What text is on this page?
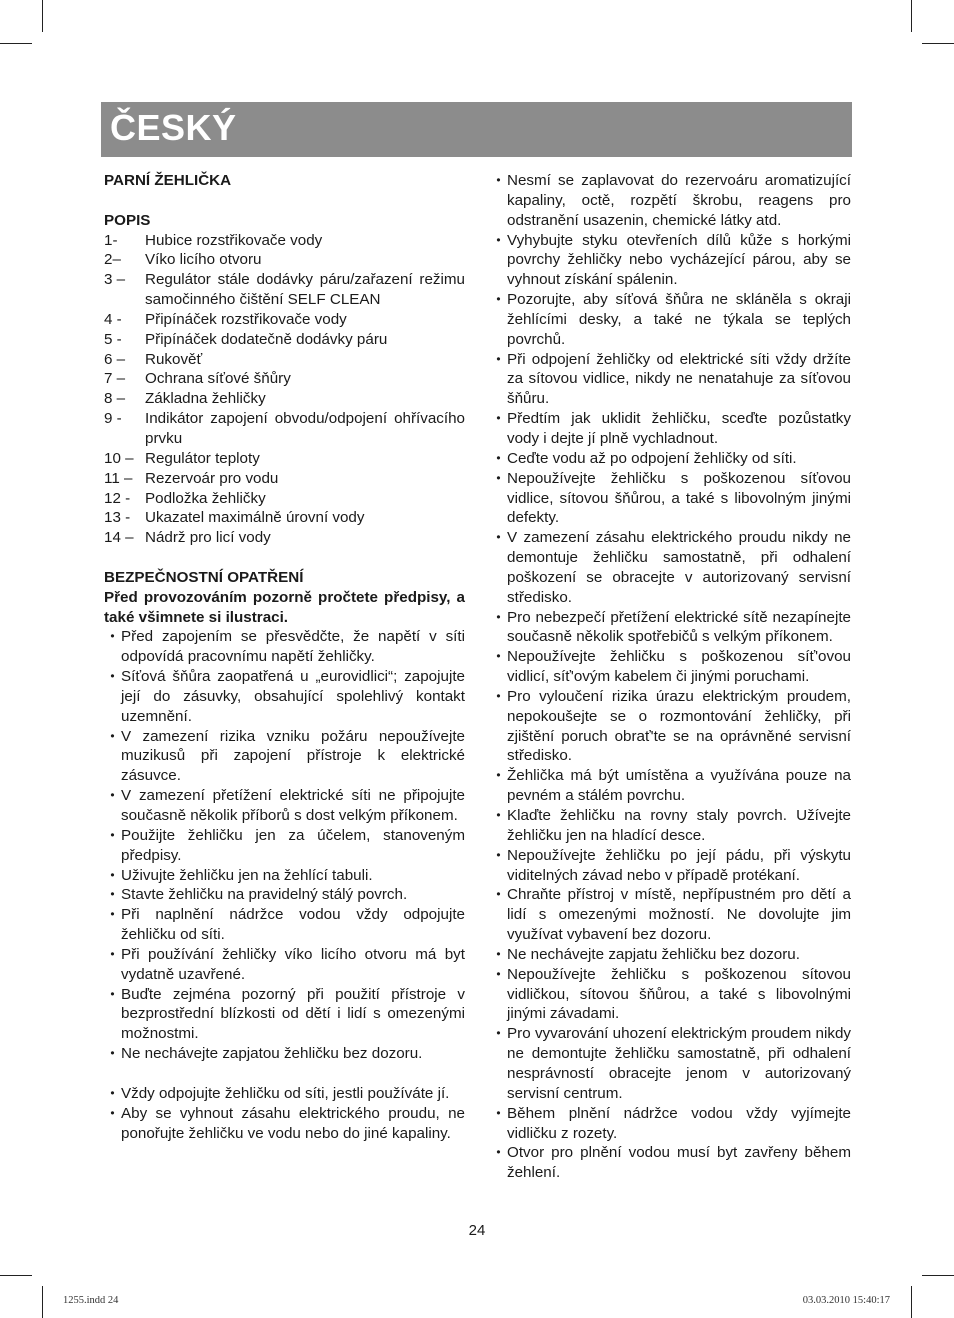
ČESKÝ
PARNÍ ŽEHLIČKA
POPIS
1-	Hubice rozstřikovače vody
2–	Víko licího otvoru
3 –	Regulátor stále dodávky páru/zařazení režimu samočinného čištění SELF CLEAN
4 -	Připínáček rozstřikovače vody
5 -	Připínáček dodatečně dodávky páru
6 –	Rukověť
7 –	Ochrana síťové šňůry
8 –	Základna žehličky
9 -	Indikátor zapojení obvodu/odpojení ohřívacího prvku
10 – Regulátor teploty
11 – Rezervoár pro vodu
12 - Podložka žehličky
13 - Ukazatel maximálně úrovní vody
14 – Nádrž pro licí vody
BEZPEČNOSTNÍ OPATŘENÍ
Před provozováním pozorně pročtete předpisy, a také všimnete si ilustraci.
• Před zapojením se přesvědčte, že napětí v síti odpovídá pracovnímu napětí žehličky.
• Síťová šňůra zaopatřená u „eurovidlici“; zapojujte její do zásuvky, obsahující spolehlivý kontakt uzemnění.
• V zamezení rizika vzniku požáru nepoužívejte muzikusů při zapojení přístroje k elektrické zásuvce.
• V zamezení přetížení elektrické síti ne připojujte současně několik příborů s dost velkým příkonem.
• Použijte žehličku jen za účelem, stanoveným předpisy.
• Uživujte žehličku jen na žehlící tabuli.
• Stavte žehličku na pravidelný stálý povrch.
• Při naplnění nádržce vodou vždy odpojujte žehličku od síti.
• Při používání žehličky víko licího otvoru má byt vydatně uzavřené.
• Buďte zejména pozorný při použití přístroje v bezprostřední blízkosti od dětí i lidí s omezenými možnostmi.
• Ne nechávejte zapjatou žehličku bez dozoru.
• Vždy odpojujte žehličku od síti, jestli používáte jí.
• Aby se vyhnout zásahu elektrického proudu, ne ponořujte žehličku ve vodu nebo do jiné kapaliny.
• Nesmí se zaplavovat do rezervoáru aromatizující kapaliny, octě, rozpětí škrobu, reagens pro odstranění usazenin, chemické látky atd.
• Vyhybujte styku otevřeních dílů kůže s horkými povrchy žehličky nebo vycházející párou, aby se vyhnout získání spálenin.
• Pozorujte, aby síťová šňůra ne skláněla s okraji žehlícími desky, a také ne týkala se teplých povrchů.
• Při odpojení žehličky od elektrické síti vždy držíte za sítovou vidlice, nikdy ne nenatahuje za síťovou šňůru.
• Předtím jak uklidit žehličku, sceďte pozůstatky vody i dejte jí plně vychladnout.
• Ceďte vodu až po odpojení žehličky od síti.
• Nepoužívejte žehličku s poškozenou síťovou vidlice, sítovou šňůrou, a také s libovolným jinými defekty.
• V zamezení zásahu elektrického proudu nikdy ne demontuje žehličku samostatně, při odhalení poškození se obracejte v autorizovaný servisní středisko.
• Pro nebezpečí přetížení elektrické sítě nezapínejte současně několik spotřebičů s velkým příkonem.
• Nepoužívejte žehličku s poškozenou síť'ovou vidlicí, síť'ovým kabelem či jinými poruchami.
• Pro vyloučení rizika úrazu elektrickým proudem, nepokoušejte se o rozmontování žehličky, při zjištění poruch obrať'te se na oprávněné servisní středisko.
• Žehlička má být umístěna a využívána pouze na pevném a stálém povrchu.
• Klaďte žehličku na rovny staly povrch. Užívejte žehličku jen na hladící desce.
• Nepoužívejte žehličku po její pádu, při výskytu viditelných závad nebo v případě protékaní.
• Chraňte přístroj v místě, nepřípustném pro dětí a lidí s omezenými možností. Ne dovolujte jim využívat vybavení bez dozoru.
• Ne nechávejte zapjatu žehličku bez dozoru.
• Nepoužívejte žehličku s poškozenou sítovou vidličkou, sítovou šňůrou, a také s libovolnými jinými závadami.
• Pro vyvarování uhození elektrickým proudem nikdy ne demontujte žehličku samostatně, při odhalení nesprávností obracejte jenom v autorizovaný servisní centrum.
• Během plnění nádržce vodou vždy vyjímejte vidličku z rozety.
• Otvor pro plnění vodou musí byt zavřeny během žehlení.
24
1255.indd 24	03.03.2010 15:40:17
